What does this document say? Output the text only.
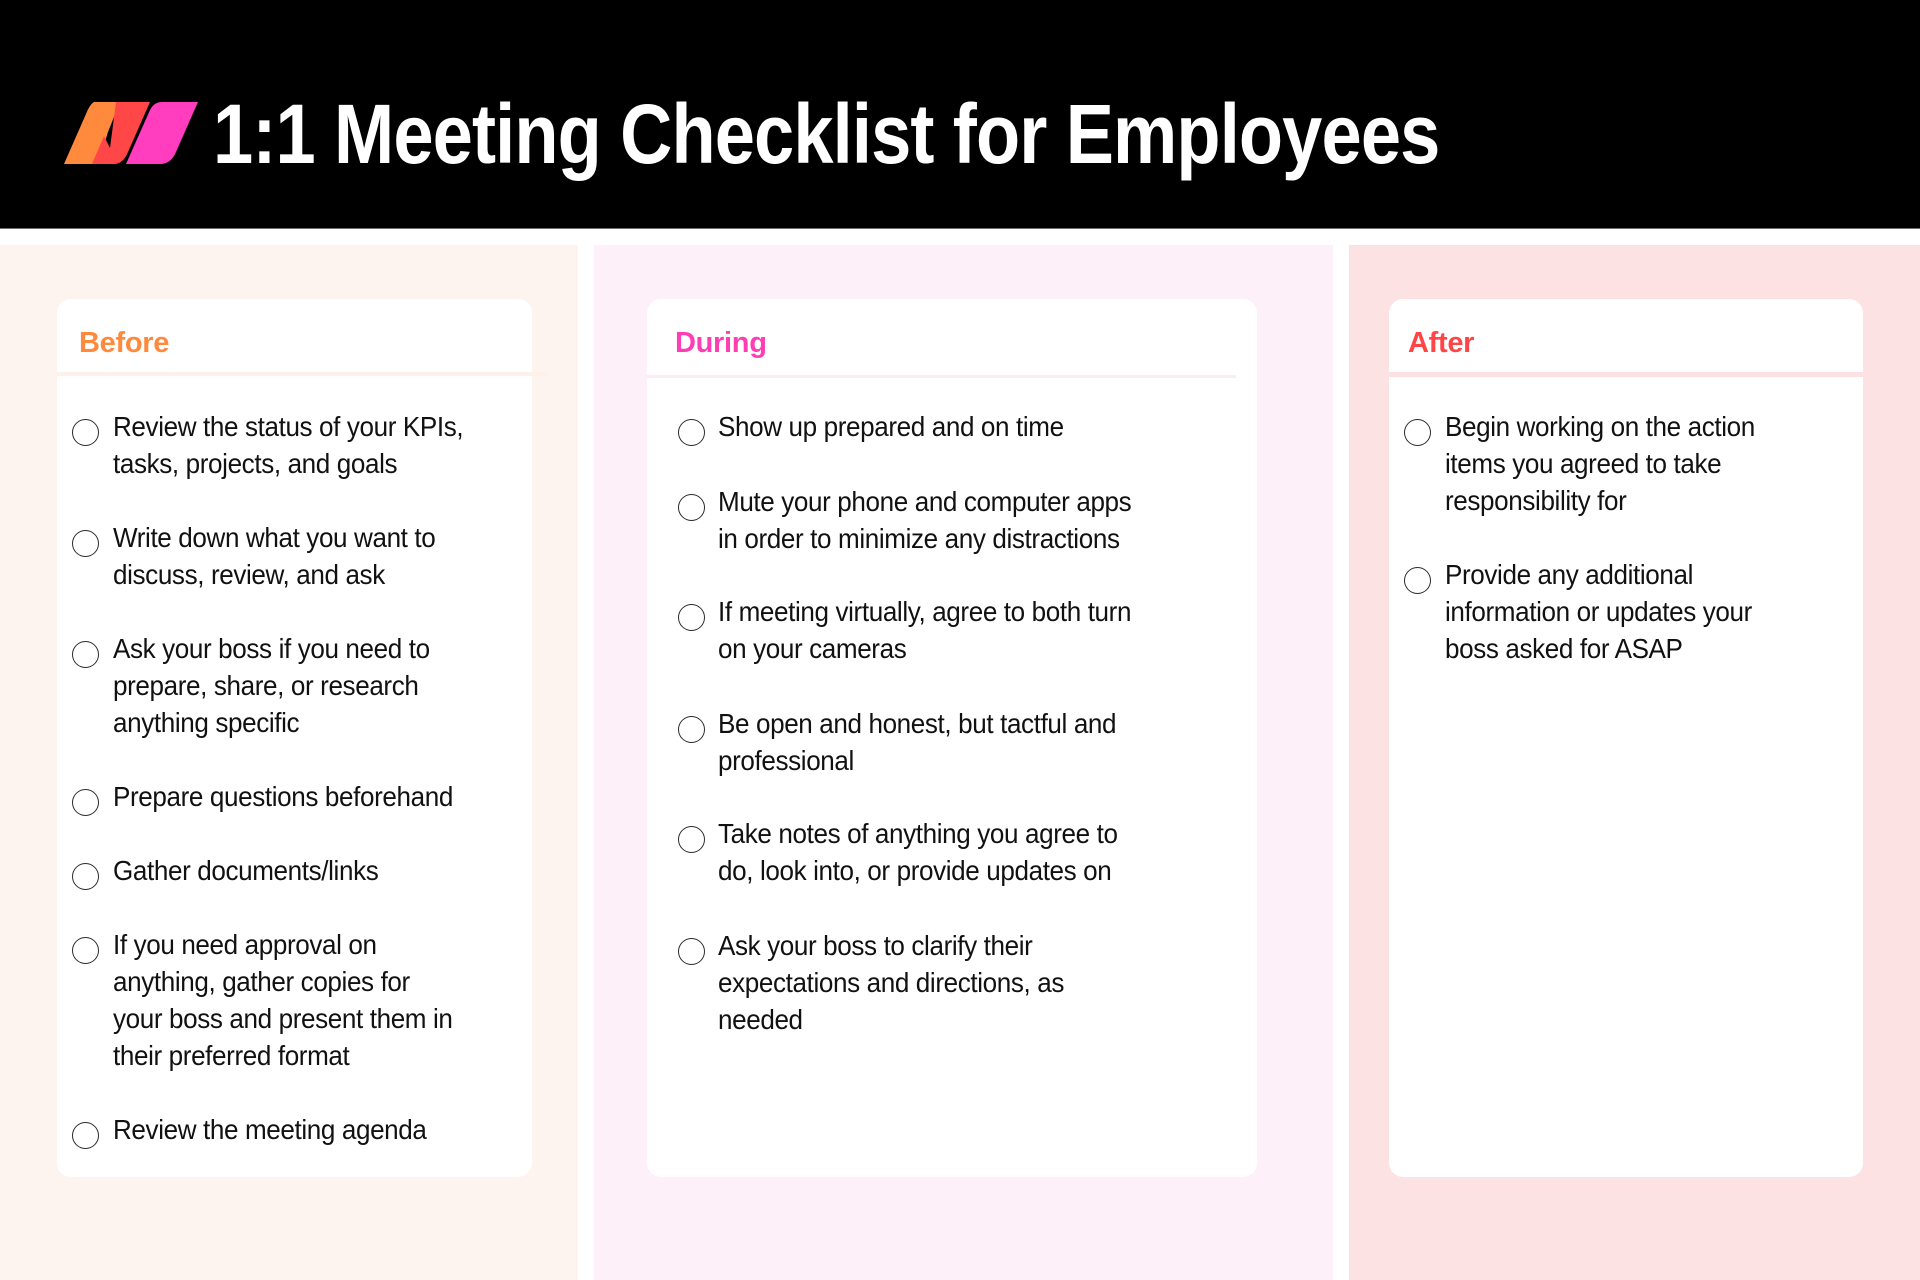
1:1 Meeting Checklist for Employees
Before
Review the status of your KPIs,
tasks, projects, and goals
Write down what you want to
discuss, review, and ask
Ask your boss if you need to
prepare, share, or research
anything specific
Prepare questions beforehand
Gather documents/links
If you need approval on
anything, gather copies for
your boss and present them in
their preferred format
Review the meeting agenda
During
Show up prepared and on time
Mute your phone and computer apps
in order to minimize any distractions
If meeting virtually, agree to both turn
on your cameras
Be open and honest, but tactful and
professional
Take notes of anything you agree to
do, look into, or provide updates on
Ask your boss to clarify their
expectations and directions, as
needed
After
Begin working on the action
items you agreed to take
responsibility for
Provide any additional
information or updates your
boss asked for ASAP
